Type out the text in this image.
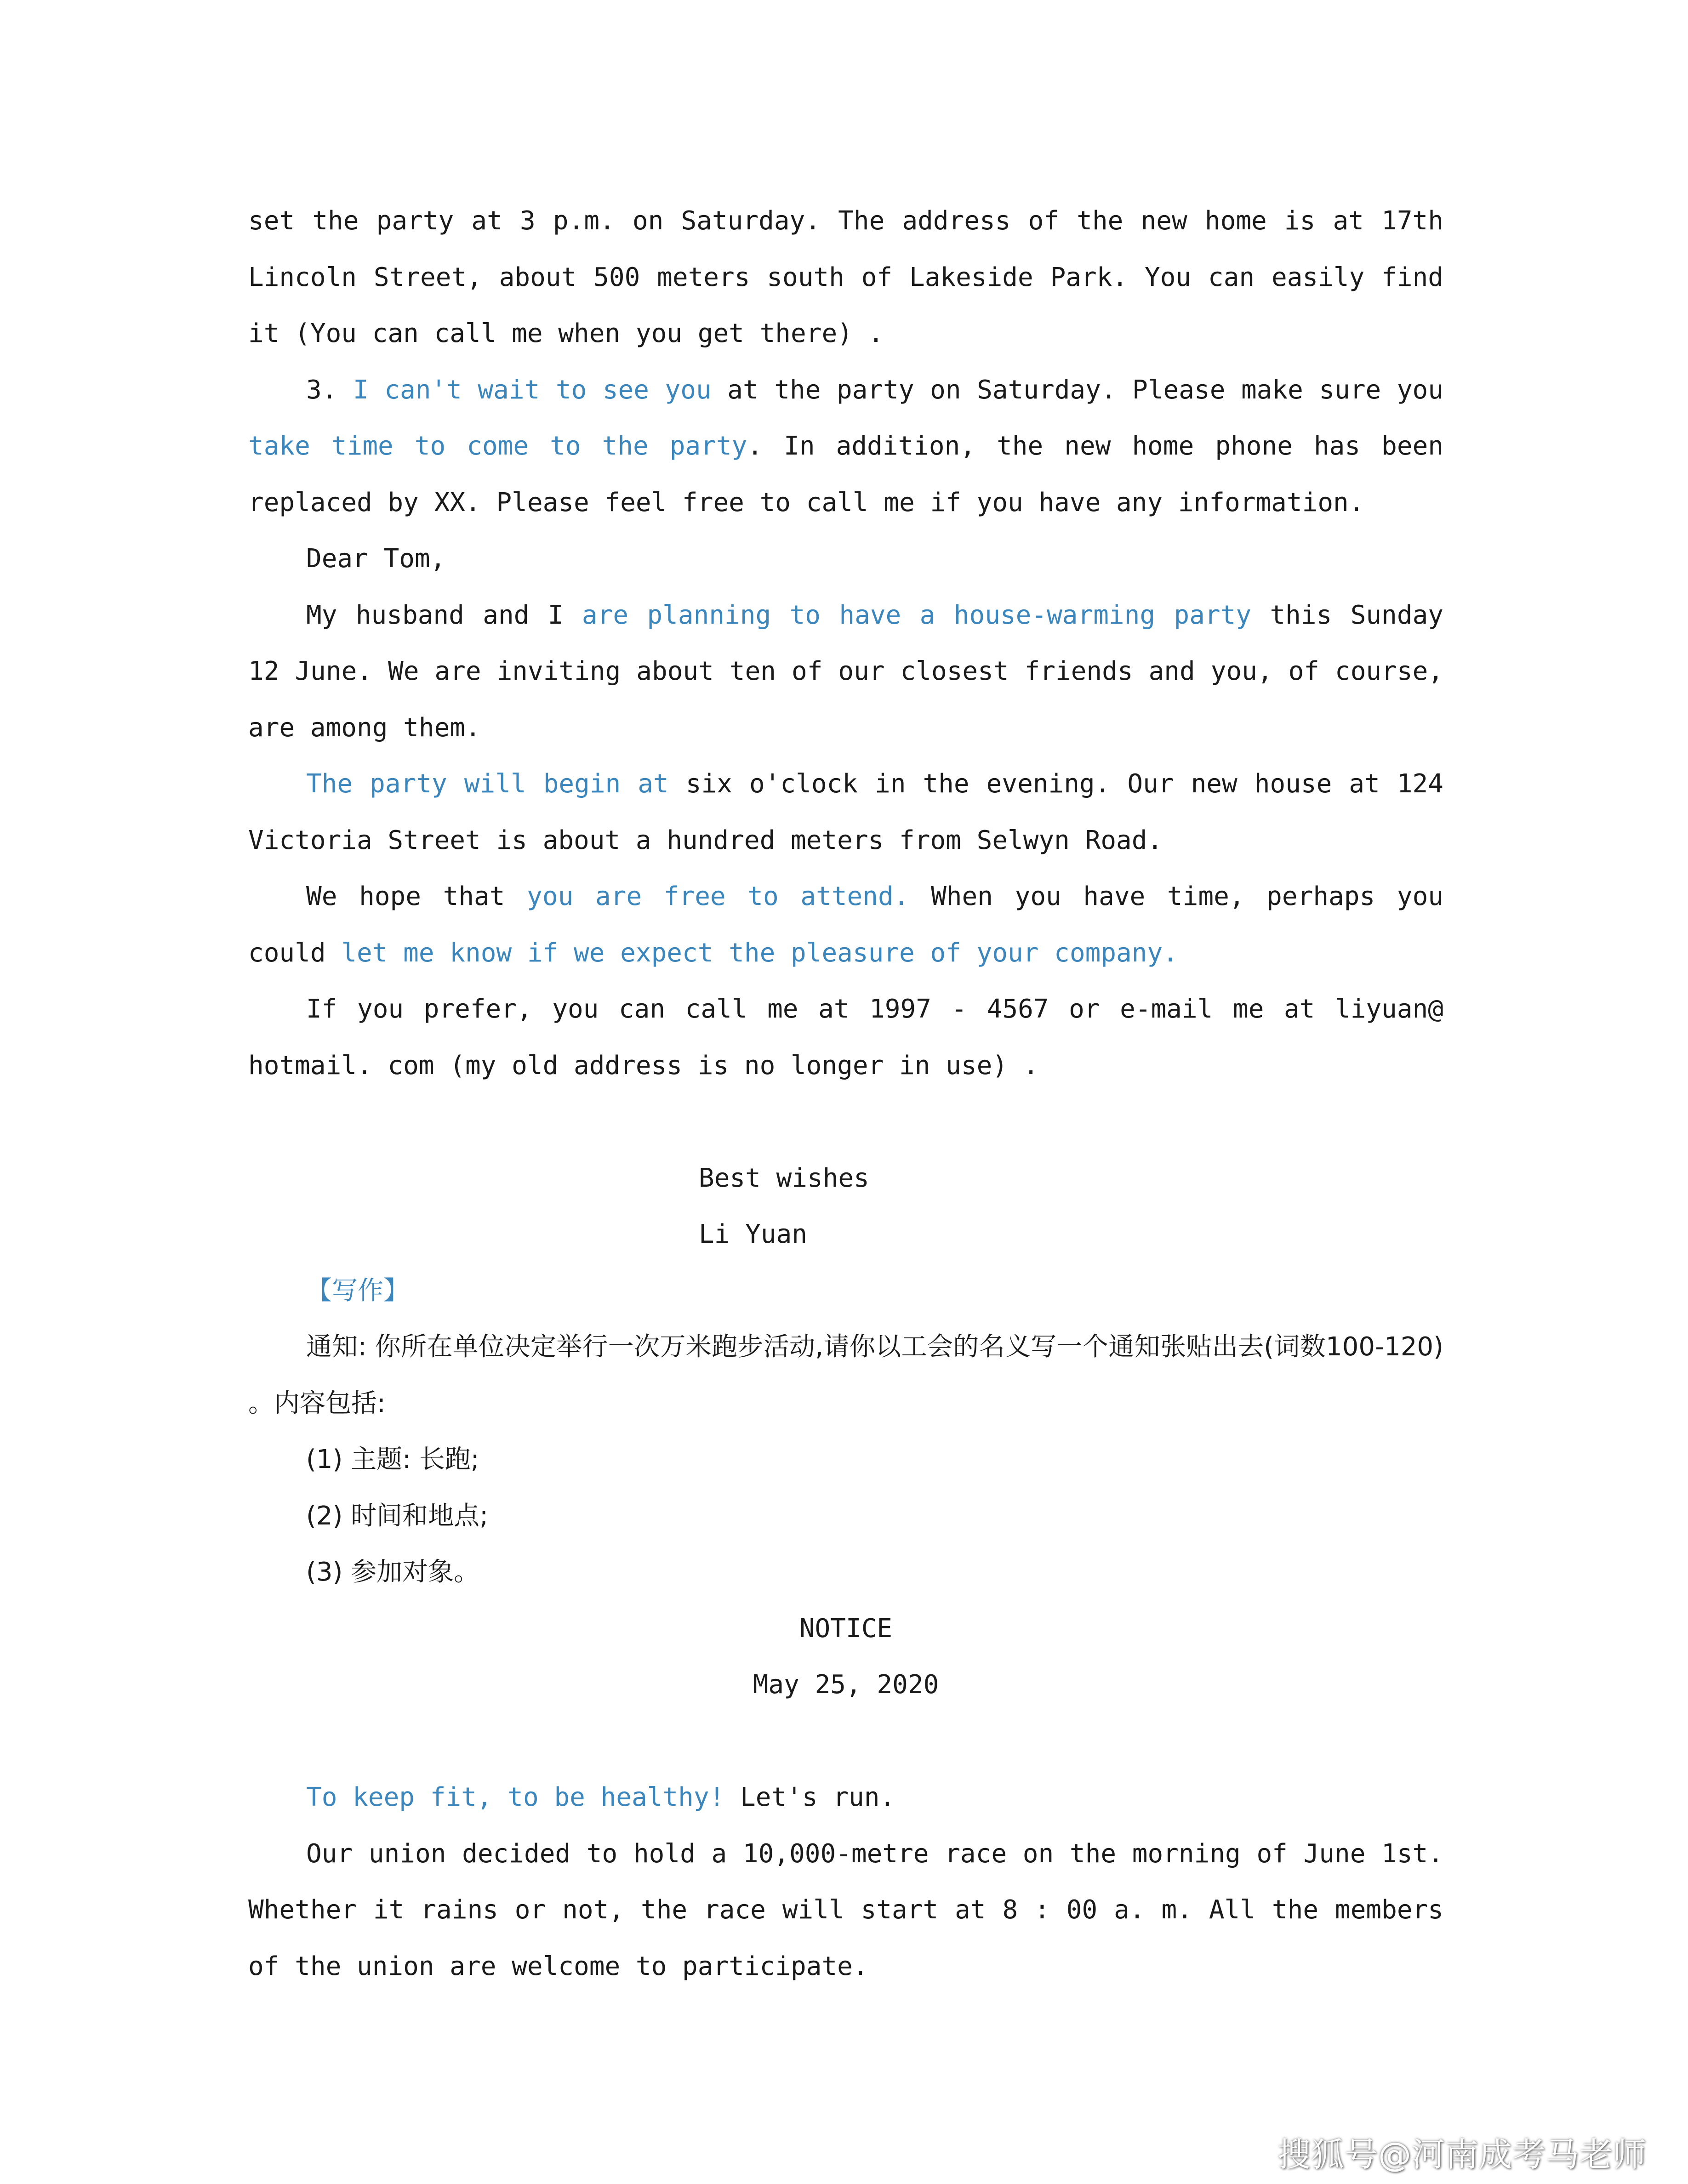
set the party at 3 p.m. on Saturday. The address of the new home is at 17th Lincoln Street, about 500 meters south of Lakeside Park. You can easily find it (You can call me when you get there) .

3. I can't wait to see you at the party on Saturday. Please make sure you take time to come to the party. In addition, the new home phone has been replaced by XX. Please feel free to call me if you have any information.

Dear Tom,

My husband and I are planning to have a house-warming party this Sunday 12 June. We are inviting about ten of our closest friends and you, of course, are among them.

The party will begin at six o'clock in the evening. Our new house at 124 Victoria Street is about a hundred meters from Selwyn Road.

We hope that you are free to attend. When you have time, perhaps you could let me know if we expect the pleasure of your company.

If you prefer, you can call me at 1997 - 4567 or e-mail me at liyuan@ hotmail. com (my old address is no longer in use) .

Best wishes

Li Yuan

【写作】

通知: 你所在单位决定举行一次万米跑步活动,请你以工会的名义写一个通知张贴出去(词数100-120) 。内容包括:

(1) 主题: 长跑;

(2) 时间和地点;

(3) 参加对象。

NOTICE

May 25, 2020

To keep fit, to be healthy! Let's run.

Our union decided to hold a 10,000-metre race on the morning of June 1st. Whether it rains or not, the race will start at 8 : 00 a. m. All the members of the union are welcome to participate.

搜狐号@河南成考马老师
